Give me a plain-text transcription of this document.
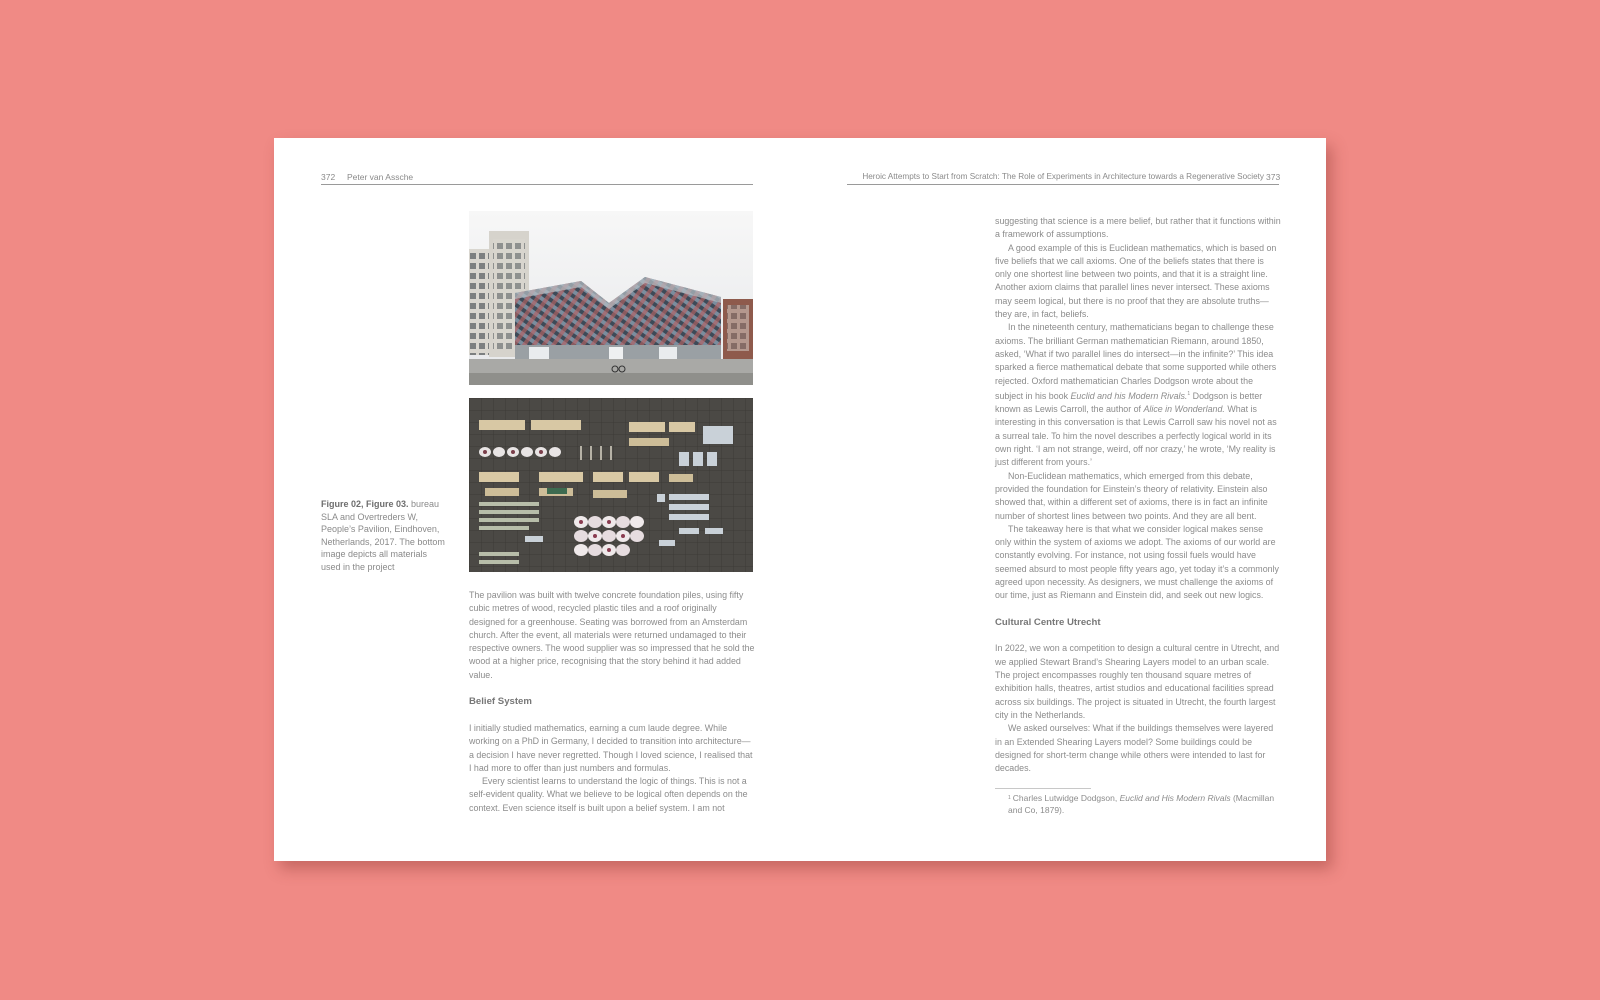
372 Peter van Assche	Heroic Attempts to Start from Scratch: The Role of Experiments in Architecture towards a Regenerative Society 373
Figure 02, Figure 03. bureau SLA and Overtreders W, People’s Pavilion, Eindhoven, Netherlands, 2017. The bottom image depicts all materials used in the project

The pavilion was built with twelve concrete foundation piles, using fifty cubic metres of wood, recycled plastic tiles and a roof originally designed for a greenhouse. Seating was borrowed from an Amsterdam church. After the event, all materials were returned undamaged to their respective owners. The wood supplier was so impressed that he sold the wood at a higher price, recognising that the story behind it had added value.

Belief System

I initially studied mathematics, earning a cum laude degree. While working on a PhD in Germany, I decided to transition into architecture—a decision I have never regretted. Though I loved science, I realised that I had more to offer than just numbers and formulas.

Every scientist learns to understand the logic of things. This is not a self-evident quality. What we believe to be logical often depends on the context. Even science itself is built upon a belief system. I am not

suggesting that science is a mere belief, but rather that it functions within a framework of assumptions.

A good example of this is Euclidean mathematics, which is based on five beliefs that we call axioms. One of the beliefs states that there is only one shortest line between two points, and that it is a straight line. Another axiom claims that parallel lines never intersect. These axioms may seem logical, but there is no proof that they are absolute truths—they are, in fact, beliefs.

In the nineteenth century, mathematicians began to challenge these axioms. The brilliant German mathematician Riemann, around 1850, asked, ‘What if two parallel lines do intersect—in the infinite?’ This idea sparked a fierce mathematical debate that some supported while others rejected. Oxford mathematician Charles Dodgson wrote about the subject in his book Euclid and his Modern Rivals.$^1$ Dodgson is better known as Lewis Carroll, the author of Alice in Wonderland. What is interesting in this conversation is that Lewis Carroll saw his novel not as a surreal tale. To him the novel describes a perfectly logical world in its own right. ‘I am not strange, weird, off nor crazy,’ he wrote, ‘My reality is just different from yours.’

Non-Euclidean mathematics, which emerged from this debate, provided the foundation for Einstein’s theory of relativity. Einstein also showed that, within a different set of axioms, there is in fact an infinite number of shortest lines between two points. And they are all bent.

The takeaway here is that what we consider logical makes sense only within the system of axioms we adopt. The axioms of our world are constantly evolving. For instance, not using fossil fuels would have seemed absurd to most people fifty years ago, yet today it’s a commonly agreed upon necessity. As designers, we must challenge the axioms of our time, just as Riemann and Einstein did, and seek out new logics.

Cultural Centre Utrecht

In 2022, we won a competition to design a cultural centre in Utrecht, and we applied Stewart Brand’s Shearing Layers model to an urban scale. The project encompasses roughly ten thousand square metres of exhibition halls, theatres, artist studios and educational facilities spread across six buildings. The project is situated in Utrecht, the fourth largest city in the Netherlands.

We asked ourselves: What if the buildings themselves were layered in an Extended Shearing Layers model? Some buildings could be designed for short-term change while others were intended to last for decades.

$^1$ Charles Lutwidge Dodgson, Euclid and His Modern Rivals (Macmillan and Co, 1879).
